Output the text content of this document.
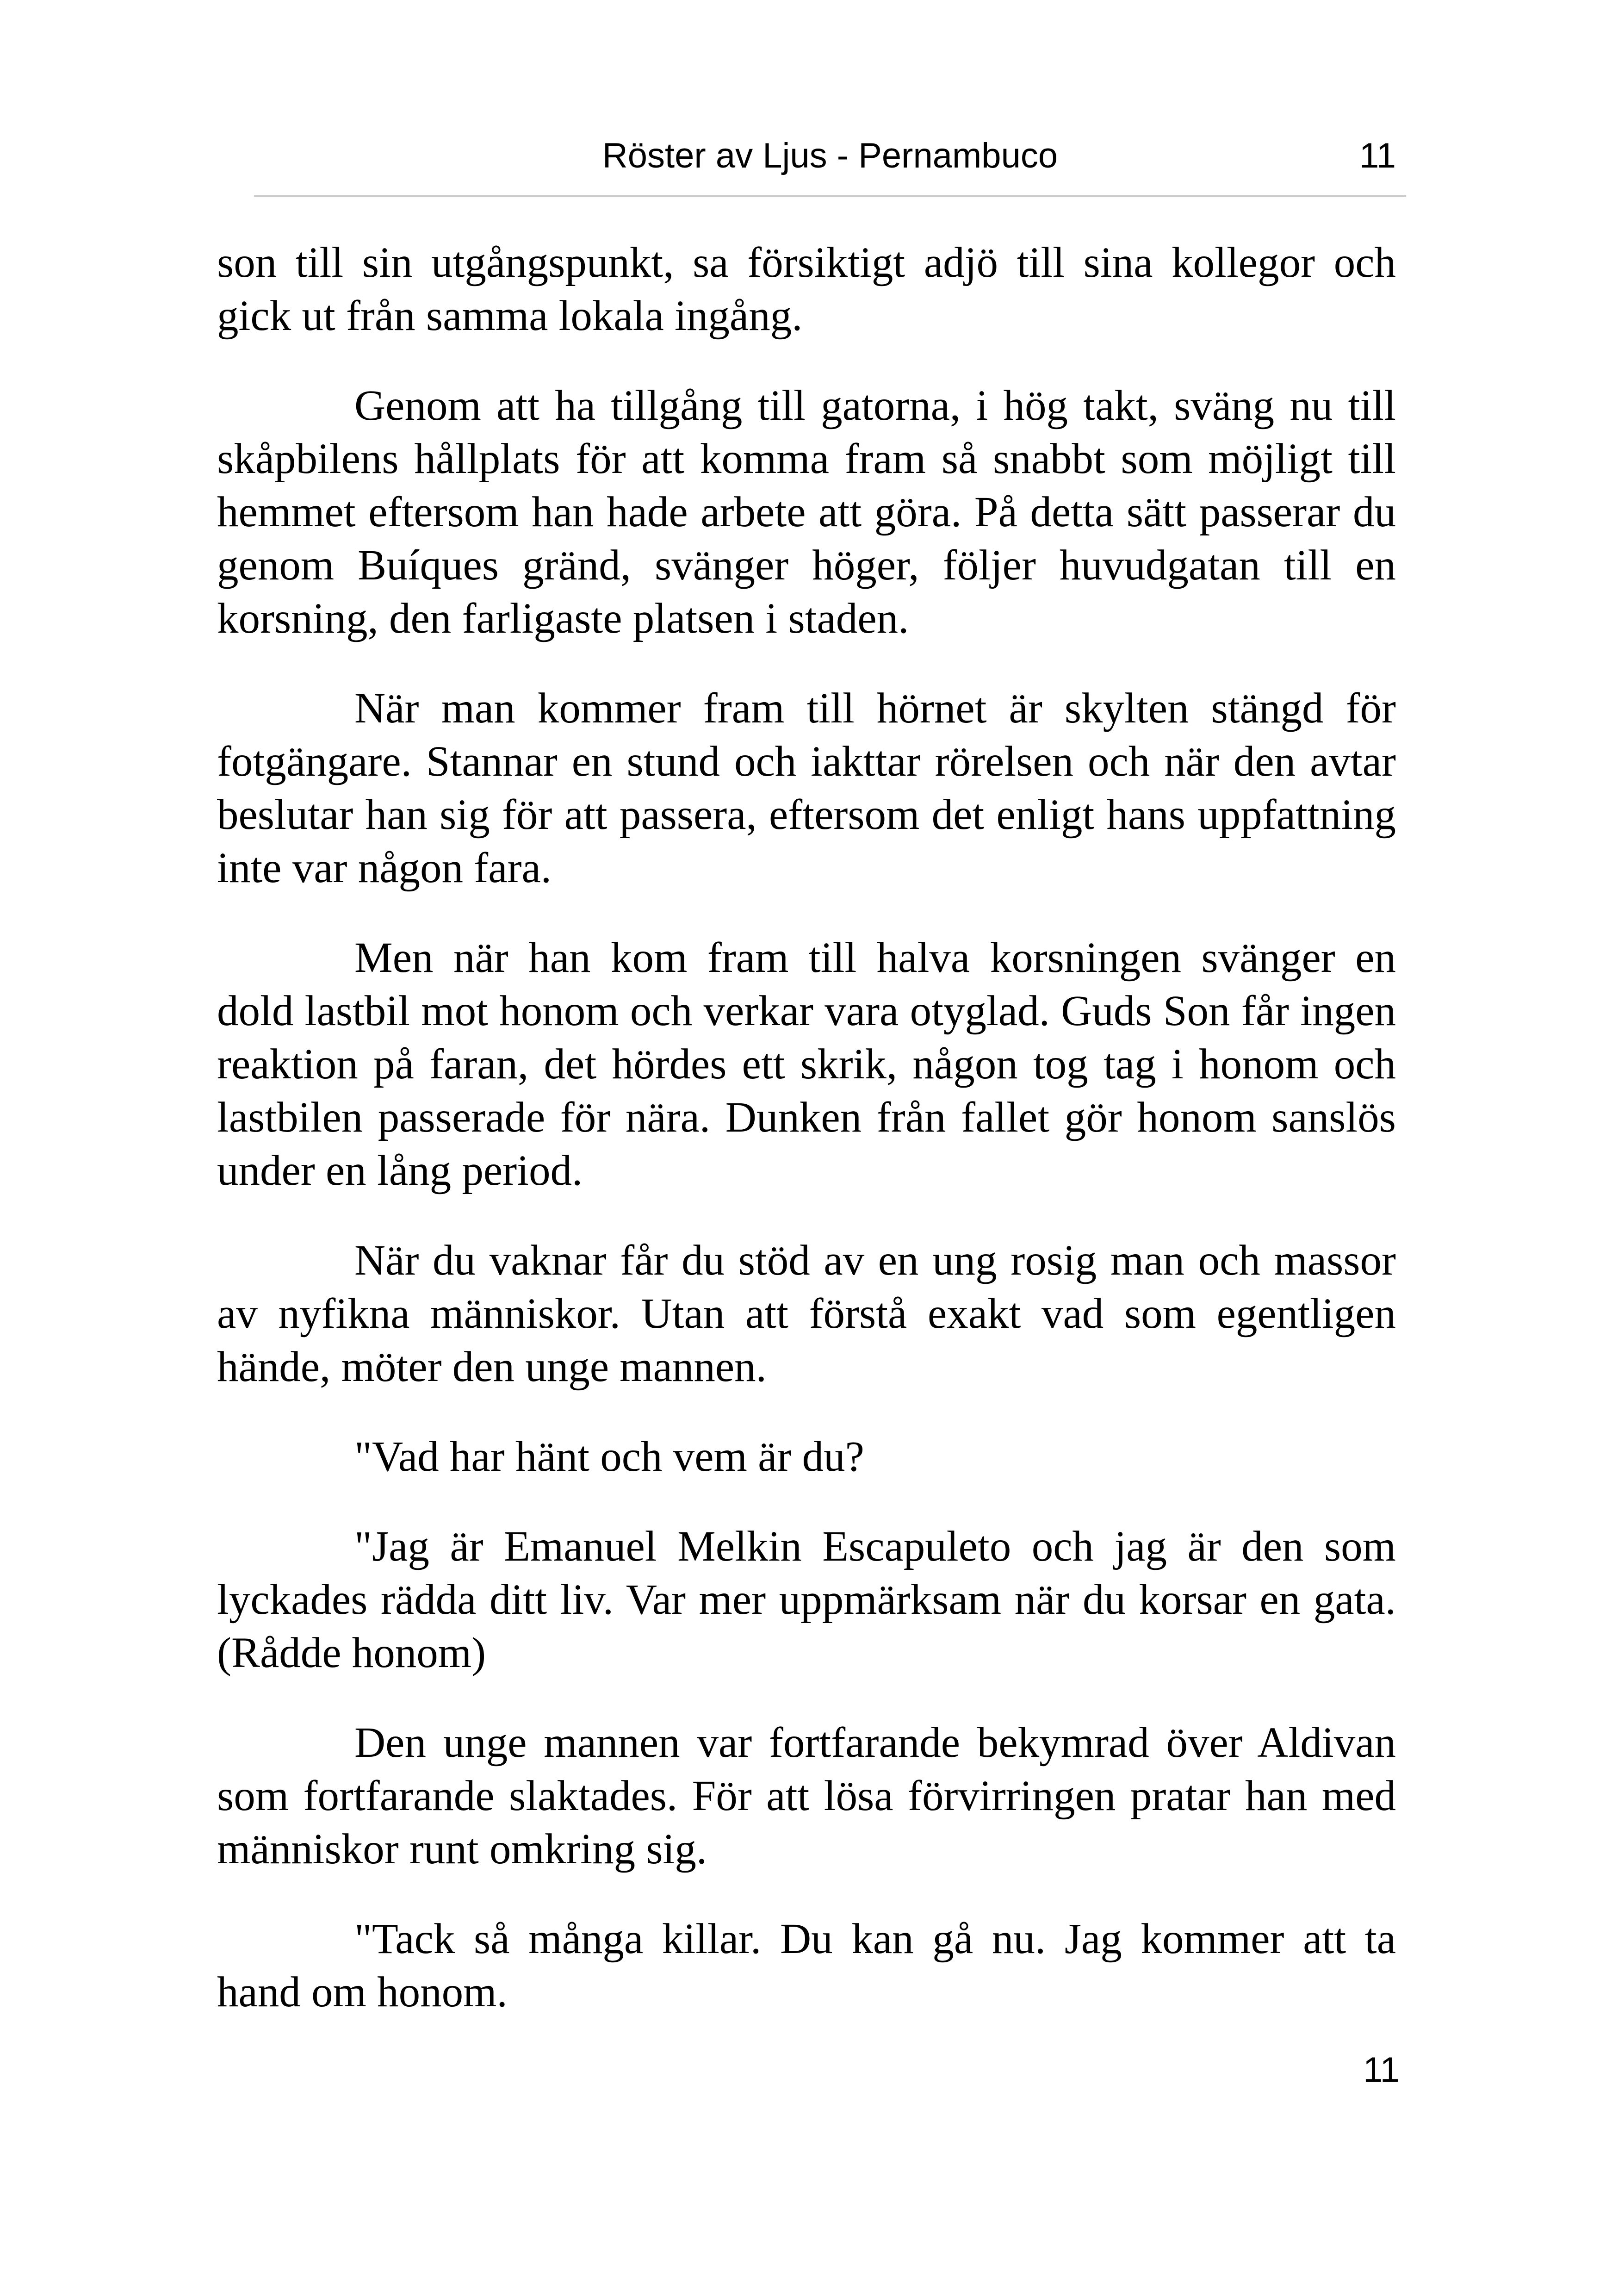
Röster av Ljus - Pernambuco	11

son till sin utgångspunkt, sa försiktigt adjö till sina kollegor och gick ut från samma lokala ingång.

Genom att ha tillgång till gatorna, i hög takt, sväng nu till skåpbilens hållplats för att komma fram så snabbt som möjligt till hemmet eftersom han hade arbete att göra. På detta sätt passerar du genom Buíques gränd, svänger höger, följer huvudgatan till en korsning, den farligaste platsen i staden.

När man kommer fram till hörnet är skylten stängd för fotgängare. Stannar en stund och iakttar rörelsen och när den avtar beslutar han sig för att passera, eftersom det enligt hans uppfattning inte var någon fara.

Men när han kom fram till halva korsningen svänger en dold lastbil mot honom och verkar vara otyglad. Guds Son får ingen reaktion på faran, det hördes ett skrik, någon tog tag i honom och lastbilen passerade för nära. Dunken från fallet gör honom sanslös under en lång period.

När du vaknar får du stöd av en ung rosig man och massor av nyfikna människor. Utan att förstå exakt vad som egentligen hände, möter den unge mannen.

"Vad har hänt och vem är du?

"Jag är Emanuel Melkin Escapuleto och jag är den som lyckades rädda ditt liv. Var mer uppmärksam när du korsar en gata. (Rådde honom)

Den unge mannen var fortfarande bekymrad över Aldivan som fortfarande slaktades. För att lösa förvirringen pratar han med människor runt omkring sig.

"Tack så många killar. Du kan gå nu. Jag kommer att ta hand om honom.

11
